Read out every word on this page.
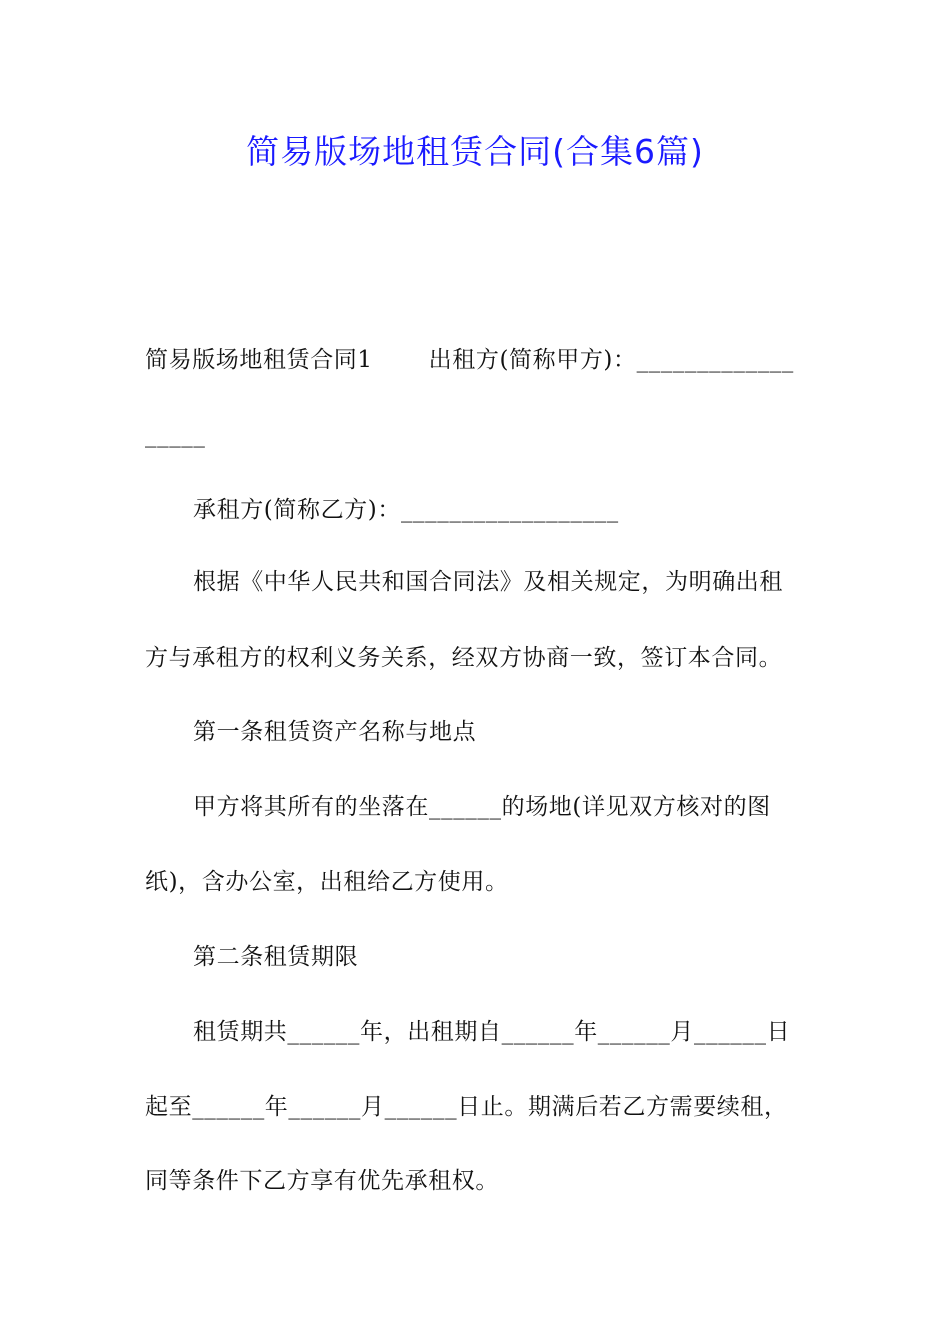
简易版场地租赁合同(合集6篇)
简易版场地租赁合同1 出租方(简称甲方)：_____________
_____
承租方(简称乙方)：__________________
根据《中华人民共和国合同法》及相关规定，为明确出租
方与承租方的权利义务关系，经双方协商一致，签订本合同。
第一条租赁资产名称与地点
甲方将其所有的坐落在______的场地(详见双方核对的图
纸)，含办公室，出租给乙方使用。
第二条租赁期限
租赁期共______年，出租期自______年______月______日
起至______年______月______日止。期满后若乙方需要续租，
同等条件下乙方享有优先承租权。
